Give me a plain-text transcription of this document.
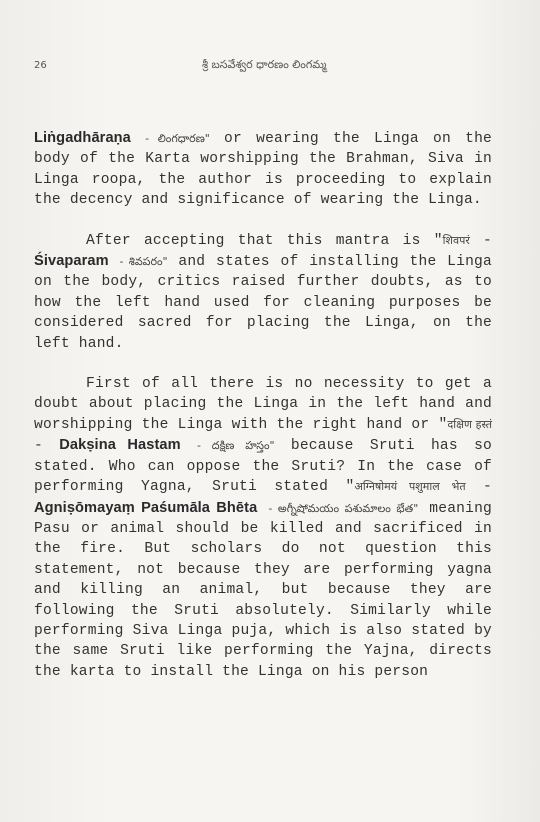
26	శ్రీ బసవేశ్వర ధారణం లింగమ్మ

Liṅgadhāraṇa - లింగధారణ" or wearing the Linga on the body of the Karta worshipping the Brahman, Siva in Linga roopa, the author is proceeding to explain the decency and significance of wearing the Linga.

After accepting that this mantra is "शिवपरं - Śivaparam - శివపరం" and states of installing the Linga on the body, critics raised further doubts, as to how the left hand used for cleaning purposes be considered sacred for placing the Linga, on the left hand.

First of all there is no necessity to get a doubt about placing the Linga in the left hand and worshipping the Linga with the right hand or "दक्षिण हस्तं - Dakṣina Hastam - దక్షిణ హస్తం" because Sruti has so stated. Who can oppose the Sruti? In the case of performing Yagna, Sruti stated "अग्निषोमयं पशुमाल भेत - Agniṣōmayaṃ Paśumāla Bhēta - అగ్నీషోమయం పశుమాలం భేత" meaning Pasu or animal should be killed and sacrificed in the fire. But scholars do not question this statement, not because they are performing yagna and killing an animal, but because they are following the Sruti absolutely. Similarly while performing Siva Linga puja, which is also stated by the same Sruti like performing the Yajna, directs the karta to install the Linga on his person
